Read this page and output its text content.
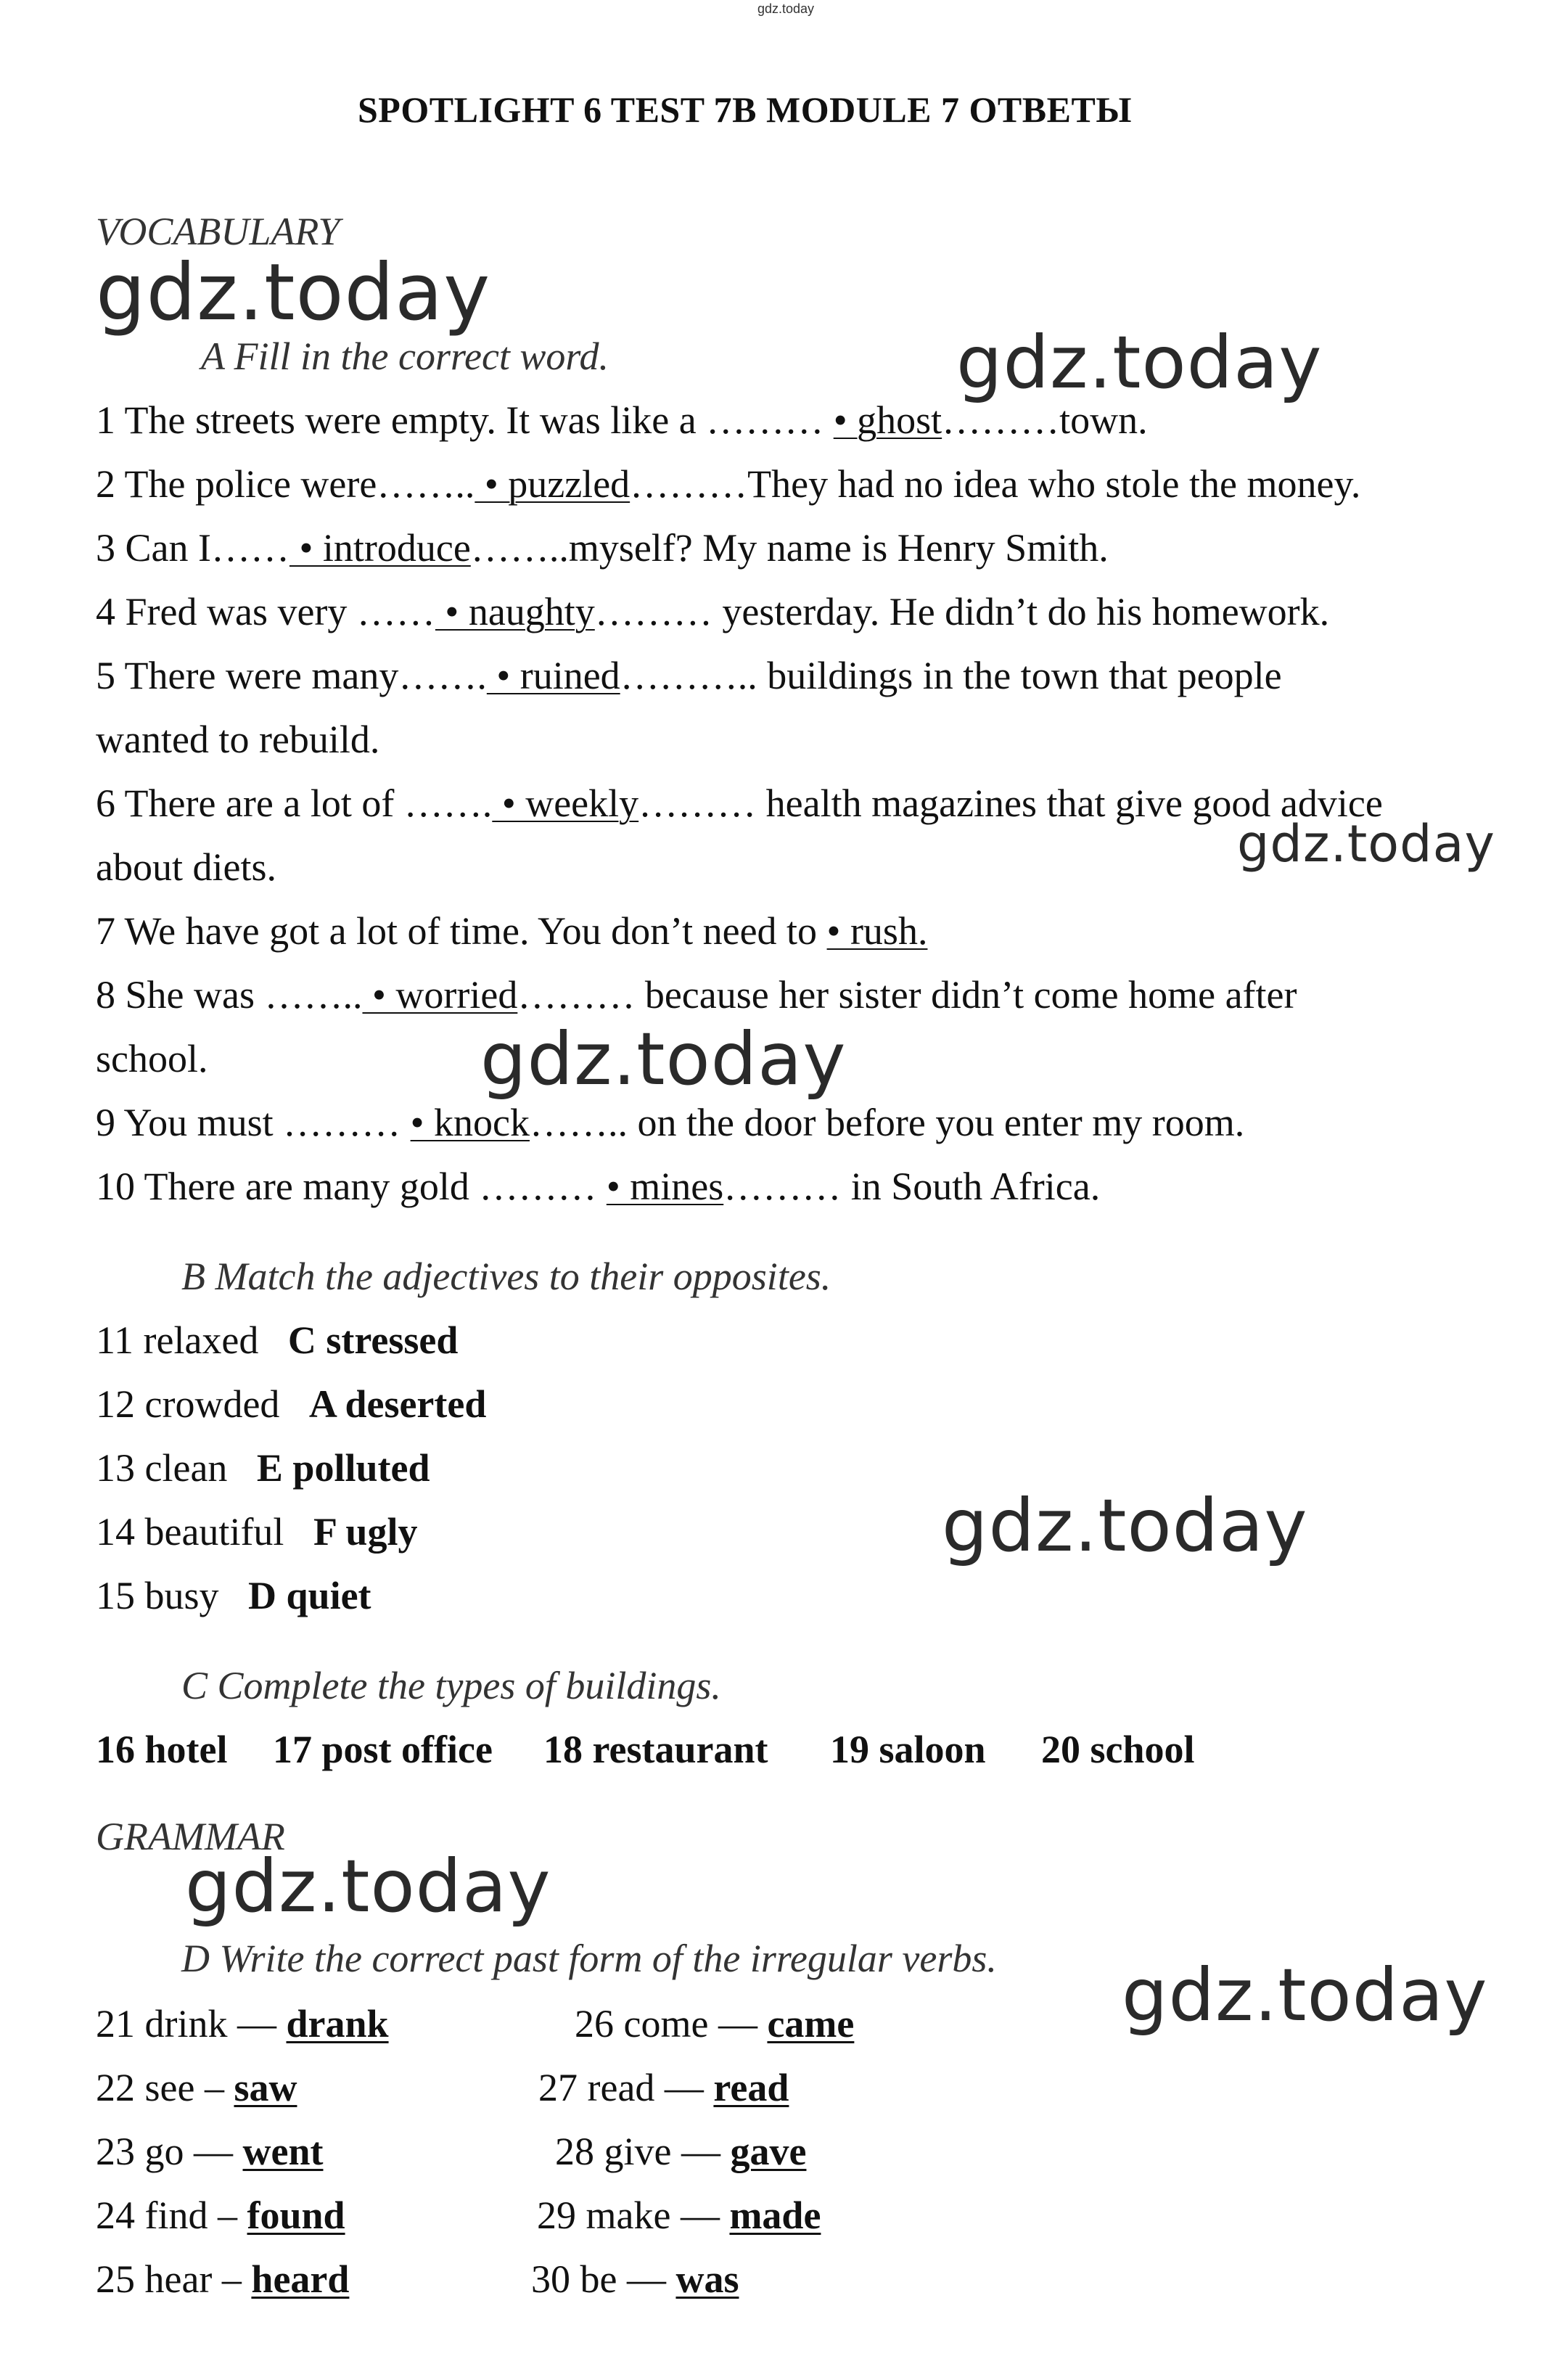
gdz.today
SPOTLIGHT 6 TEST 7B MODULE 7 ОТВЕТЫ
VOCABULARY
A Fill in the correct word.
1 The streets were empty. It was like a ……… • ghost………town.
2 The police were…….. • puzzled………They had no idea who stole the money.
3 Can I…… • introduce……..myself? My name is Henry Smith.
4 Fred was very …… • naughty……… yesterday. He didn’t do his homework.
5 There were many……. • ruined……….. buildings in the town that people
wanted to rebuild.
6 There are a lot of ……. • weekly……… health magazines that give good advice
about diets.
7 We have got a lot of time. You don’t need to • rush.
8 She was …….. • worried……… because her sister didn’t come home after
school.
9 You must ……… • knock…….. on the door before you enter my room.
10 There are many gold ……… • mines……… in South Africa.
B Match the adjectives to their opposites.
11 relaxed C stressed
12 crowded A deserted
13 clean E polluted
14 beautiful F ugly
15 busy D quiet
C Complete the types of buildings.
16 hotel 17 post office 18 restaurant 19 saloon 20 school
GRAMMAR
D Write the correct past form of the irregular verbs.
21 drink — drank
22 see – saw
23 go — went
24 find – found
25 hear – heard
26 come — came
27 read — read
28 give — gave
29 make — made
30 be — was
gdz.today
gdz.today
gdz.today
gdz.today
gdz.today
gdz.today
gdz.today
